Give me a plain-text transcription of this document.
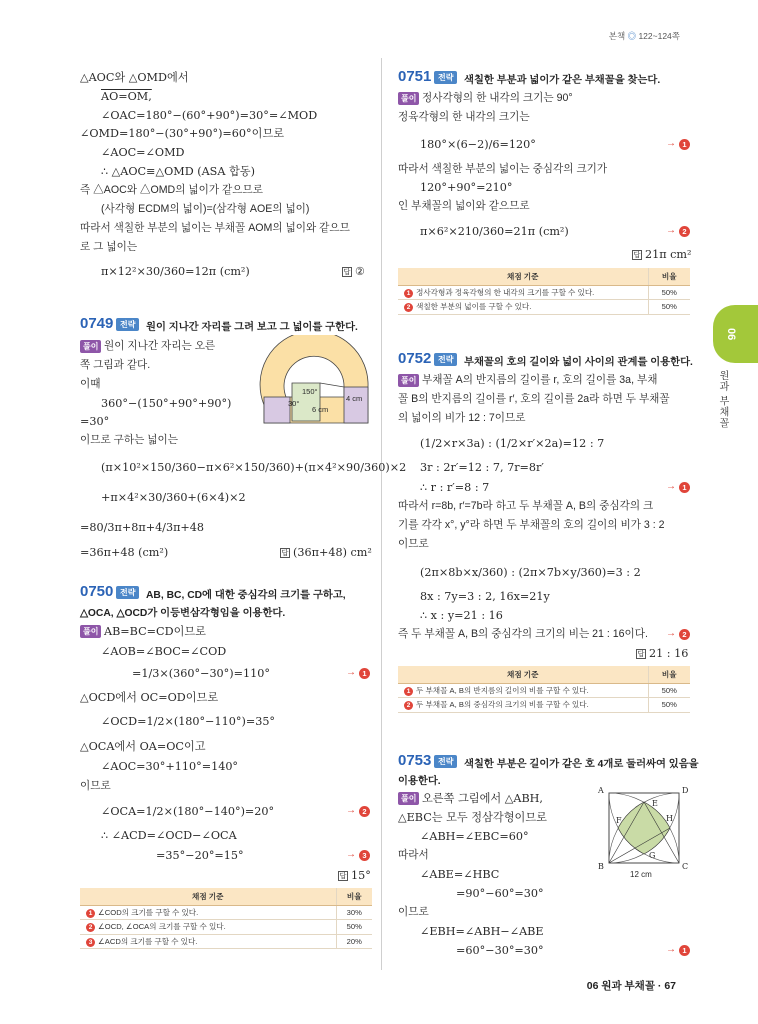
본책 ◎ 122~124쪽
△AOC와 △OMD에서
AO=OM,
∠OAC=180°−(60°+90°)=30°=∠MOD
∠OMD=180°−(30°+90°)=60°이므로
∠AOC=∠OMD
∴ △AOC≡△OMD (ASA 합동)
즉 △AOC와 △OMD의 넓이가 같으므로
(사각형 ECDM의 넓이)=(삼각형 AOE의 넓이)
따라서 색칠한 부분의 넓이는 부채꼴 AOM의 넓이와 같으므
로 그 넓이는
π×12²×30/360=12π (cm²)	답 ②
0749 전략	원이 지나간 자리를 그려 보고 그 넓이를 구한다.
풀이 원이 지나간 자리는 오른
쪽 그림과 같다.
이때
360°−(150°+90°+90°)
=30°
이므로 구하는 넓이는
(π×10²×150/360−π×6²×150/360)+(π×4²×90/360)×2
+π×4²×30/360+(6×4)×2
=80/3π+8π+4/3π+48
=36π+48 (cm²)	답 (36π+48) cm²
150°
30°
4 cm
6 cm
0750 전략	AB, BC, CD에 대한 중심각의 크기를 구하고,
△OCA, △OCD가 이등변삼각형임을 이용한다.
풀이 AB=BC=CD이므로
∠AOB=∠BOC=∠COD
=1/3×(360°−30°)=110°	→ 1
△OCD에서 OC=OD이므로
∠OCD=1/2×(180°−110°)=35°
△OCA에서 OA=OC이고
∠AOC=30°+110°=140°
이므로
∠OCA=1/2×(180°−140°)=20°	→ 2
∴ ∠ACD=∠OCD−∠OCA
=35°−20°=15°	→ 3
답 15°
채점 기준	비율
1 ∠COD의 크기를 구할 수 있다.	30%
2 ∠OCD, ∠OCA의 크기를 구할 수 있다.	50%
3 ∠ACD의 크기를 구할 수 있다.	20%
0751 전략	색칠한 부분과 넓이가 같은 부채꼴을 찾는다.
풀이 정사각형의 한 내각의 크기는 90°
정육각형의 한 내각의 크기는
180°×(6−2)/6=120°	→ 1
따라서 색칠한 부분의 넓이는 중심각의 크기가
120°+90°=210°
인 부채꼴의 넓이와 같으므로
π×6²×210/360=21π (cm²)	→ 2
답 21π cm²
채점 기준	비율
1 정사각형과 정육각형의 한 내각의 크기를 구할 수 있다.	50%
2 색칠한 부분의 넓이를 구할 수 있다.	50%
0752 전략	부채꼴의 호의 길이와 넓이 사이의 관계를 이용한다.
풀이 부채꼴 A의 반지름의 길이를 r, 호의 길이를 3a, 부채
꼴 B의 반지름의 길이를 r′, 호의 길이를 2a라 하면 두 부채꼴
의 넓이의 비가 12 : 7이므로
(1/2×r×3a) : (1/2×r′×2a)=12 : 7
3r : 2r′=12 : 7, 7r=8r′
∴ r : r′=8 : 7	→ 1
따라서 r=8b, r′=7b라 하고 두 부채꼴 A, B의 중심각의 크
기를 각각 x°, y°라 하면 두 부채꼴의 호의 길이의 비가 3 : 2
이므로
(2π×8b×x/360) : (2π×7b×y/360)=3 : 2
8x : 7y=3 : 2, 16x=21y
∴ x : y=21 : 16
즉 두 부채꼴 A, B의 중심각의 크기의 비는 21 : 16이다. → 2
답 21 : 16
채점 기준	비율
1 두 부채꼴 A, B의 반지름의 길이의 비를 구할 수 있다.	50%
2 두 부채꼴 A, B의 중심각의 크기의 비를 구할 수 있다.	50%
0753 전략	색칠한 부분은 길이가 같은 호 4개로 둘러싸여 있음을
이용한다.
풀이 오른쪽 그림에서 △ABH,
△EBC는 모두 정삼각형이므로
∠ABH=∠EBC=60°
따라서
∠ABE=∠HBC
=90°−60°=30°
이므로
∠EBH=∠ABH−∠ABE
=60°−30°=30°	→ 1
A	D
B	C
E
F
G
H
12 cm
06
원과 부채꼴
06 원과 부채꼴 · 67
